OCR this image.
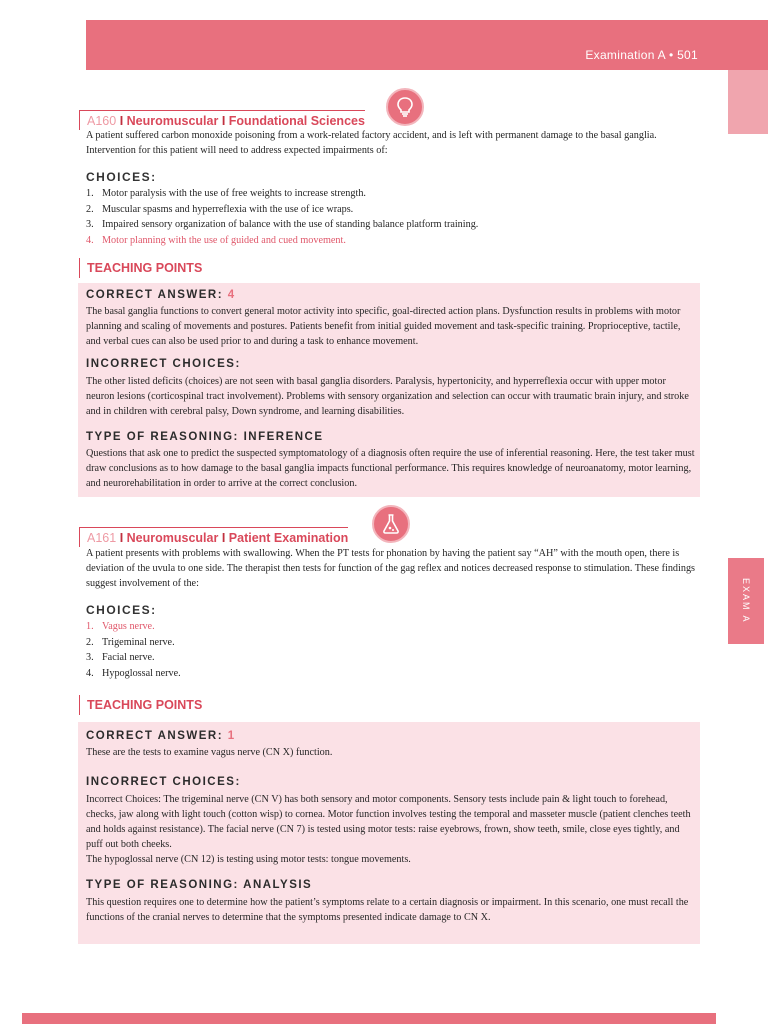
Examination A • 501
EXAM A
A160 I Neuromuscular I Foundational Sciences
A patient suffered carbon monoxide poisoning from a work-related factory accident, and is left with permanent damage to the basal ganglia. Intervention for this patient will need to address expected impairments of:
CHOICES:
1. Motor paralysis with the use of free weights to increase strength.
2. Muscular spasms and hyperreflexia with the use of ice wraps.
3. Impaired sensory organization of balance with the use of standing balance platform training.
4. Motor planning with the use of guided and cued movement.
TEACHING POINTS
CORRECT ANSWER: 4
The basal ganglia functions to convert general motor activity into specific, goal-directed action plans. Dysfunction results in problems with motor planning and scaling of movements and postures. Patients benefit from initial guided movement and task-specific training. Proprioceptive, tactile, and verbal cues can also be used prior to and during a task to enhance movement.
INCORRECT CHOICES:
The other listed deficits (choices) are not seen with basal ganglia disorders. Paralysis, hypertonicity, and hyperreflexia occur with upper motor neuron lesions (corticospinal tract involvement). Problems with sensory organization and selection can occur with traumatic brain injury, and stroke and in children with cerebral palsy, Down syndrome, and learning disabilities.
TYPE OF REASONING: INFERENCE
Questions that ask one to predict the suspected symptomatology of a diagnosis often require the use of inferential reasoning. Here, the test taker must draw conclusions as to how damage to the basal ganglia impacts functional performance. This requires knowledge of neuroanatomy, motor learning, and neurorehabilitation in order to arrive at the correct conclusion.
A161 I Neuromuscular I Patient Examination
A patient presents with problems with swallowing. When the PT tests for phonation by having the patient say “AH” with the mouth open, there is deviation of the uvula to one side. The therapist then tests for function of the gag reflex and notices decreased response to stimulation. These findings suggest involvement of the:
CHOICES:
1. Vagus nerve.
2. Trigeminal nerve.
3. Facial nerve.
4. Hypoglossal nerve.
TEACHING POINTS
CORRECT ANSWER: 1
These are the tests to examine vagus nerve (CN X) function.
INCORRECT CHOICES:
Incorrect Choices: The trigeminal nerve (CN V) has both sensory and motor components. Sensory tests include pain & light touch to forehead, checks, jaw along with light touch (cotton wisp) to cornea. Motor function involves testing the temporal and masseter muscle (patient clenches teeth and holds against resistance). The facial nerve (CN 7) is tested using motor tests: raise eyebrows, frown, show teeth, smile, close eyes tightly, and puff out both cheeks.
The hypoglossal nerve (CN 12) is testing using motor tests: tongue movements.
TYPE OF REASONING: ANALYSIS
This question requires one to determine how the patient’s symptoms relate to a certain diagnosis or impairment. In this scenario, one must recall the functions of the cranial nerves to determine that the symptoms presented indicate damage to CN X.
